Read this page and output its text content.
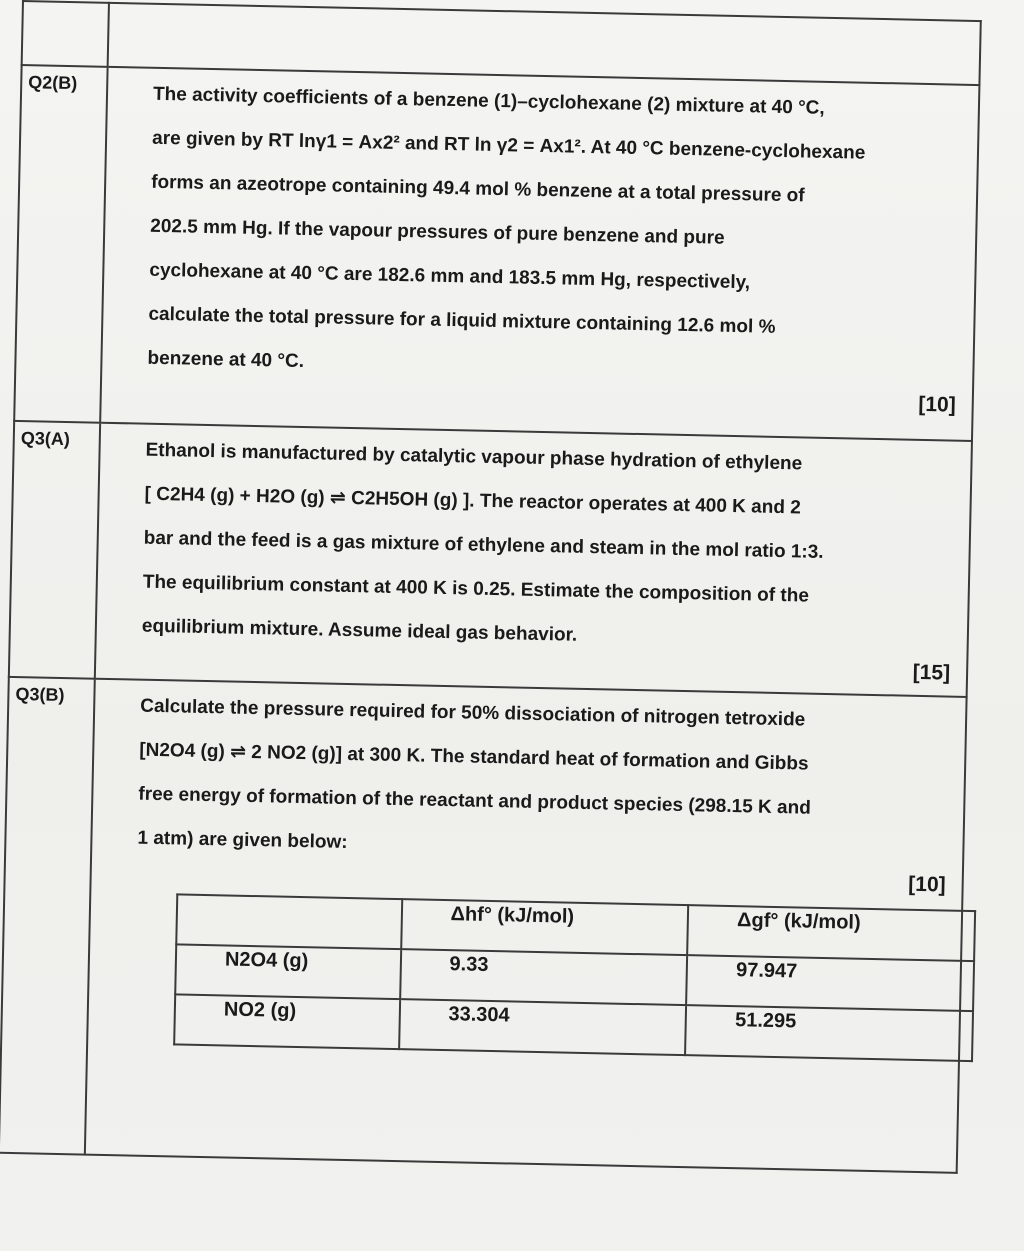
Q2(B)	
The activity coefficients of a benzene (1)–cyclohexane (2) mixture at 40 °C,
are given by RT lnγ1 = Ax2² and RT ln γ2 = Ax1². At 40 °C benzene-cyclohexane
forms an azeotrope containing 49.4 mol % benzene at a total pressure of
202.5 mm Hg. If the vapour pressures of pure benzene and pure
cyclohexane at 40 °C are 182.6 mm and 183.5 mm Hg, respectively,
calculate the total pressure for a liquid mixture containing 12.6 mol %
benzene at 40 °C.
[10]

Q3(A)	
Ethanol is manufactured by catalytic vapour phase hydration of ethylene
[ C2H4 (g) + H2O (g) ⇌ C2H5OH (g) ]. The reactor operates at 400 K and 2
bar and the feed is a gas mixture of ethylene and steam in the mol ratio 1:3.
The equilibrium constant at 400 K is 0.25. Estimate the composition of the
equilibrium mixture. Assume ideal gas behavior.
[15]

Q3(B)	
Calculate the pressure required for 50% dissociation of nitrogen tetroxide
[N2O4 (g) ⇌ 2 NO2 (g)] at 300 K. The standard heat of formation and Gibbs
free energy of formation of the reactant and product species (298.15 K and
1 atm) are given below:
[10]
	Δhf° (kJ/mol)	Δgf° (kJ/mol)
N2O4 (g)	9.33	97.947
NO2 (g)	33.304	51.295
